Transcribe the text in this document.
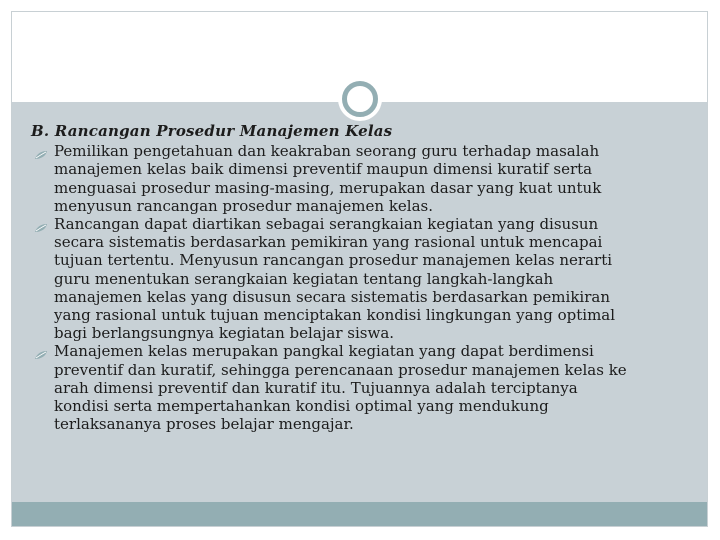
B. Rancangan Prosedur Manajemen Kelas
Pemilikan pengetahuan dan keakraban seorang guru terhadap masalah
manajemen kelas baik dimensi preventif maupun dimensi kuratif serta
menguasai prosedur masing-masing, merupakan dasar yang kuat untuk
menyusun rancangan prosedur manajemen kelas.
Rancangan dapat diartikan sebagai serangkaian kegiatan yang disusun
secara sistematis berdasarkan pemikiran yang rasional untuk mencapai
tujuan tertentu. Menyusun rancangan prosedur manajemen kelas nerarti
guru menentukan serangkaian kegiatan tentang langkah-langkah
manajemen kelas yang disusun secara sistematis berdasarkan pemikiran
yang rasional untuk tujuan menciptakan kondisi lingkungan yang optimal
bagi berlangsungnya kegiatan belajar siswa.
Manajemen kelas merupakan pangkal kegiatan yang dapat berdimensi
preventif dan kuratif, sehingga perencanaan prosedur manajemen kelas ke
arah dimensi preventif dan kuratif itu. Tujuannya adalah terciptanya
kondisi serta mempertahankan kondisi optimal yang mendukung
terlaksananya proses belajar mengajar.
